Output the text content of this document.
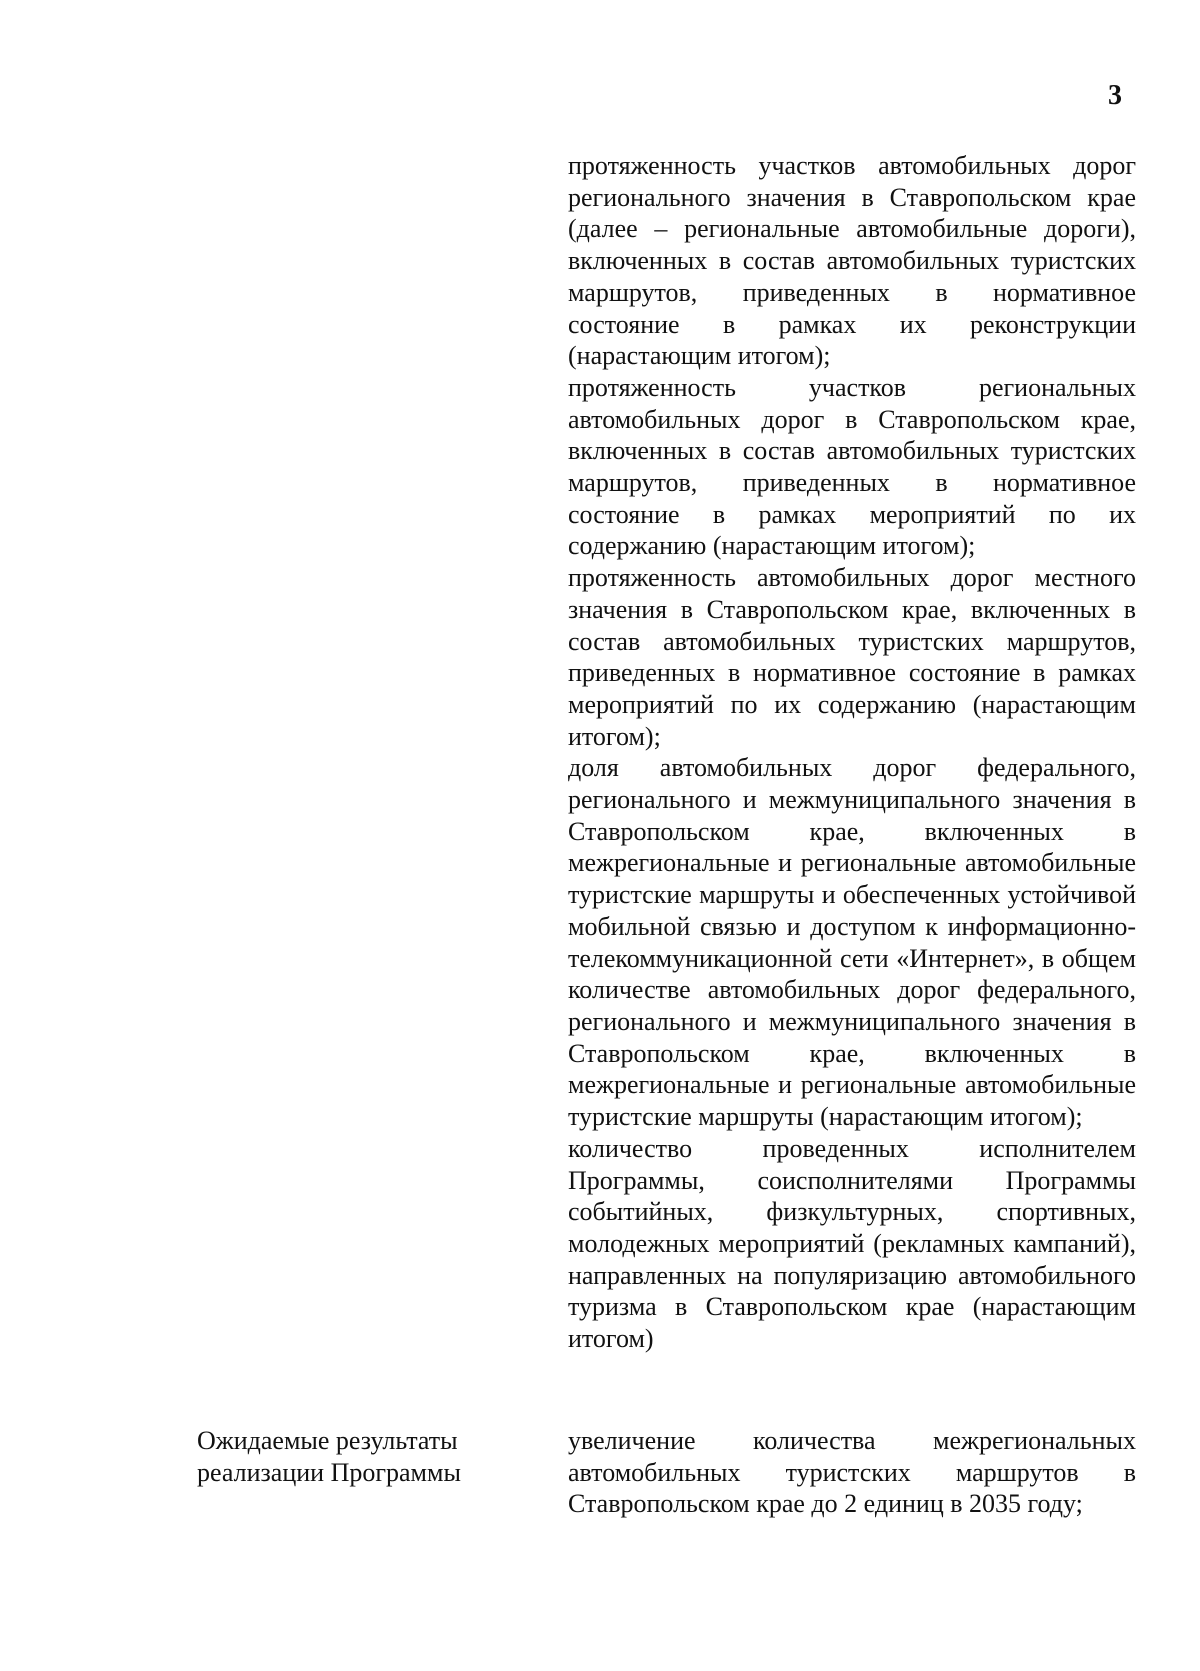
3

протяженность участков автомобильных дорог регионального значения в Ставропольском крае (далее – региональные автомобильные дороги), включенных в состав автомобильных туристских маршрутов, приведенных в нормативное состояние в рамках их реконструкции (нарастающим итогом);

протяженность участков региональных автомобильных дорог в Ставропольском крае, включенных в состав автомобильных туристских маршрутов, приведенных в нормативное состояние в рамках мероприятий по их содержанию (нарастающим итогом);

протяженность автомобильных дорог местного значения в Ставропольском крае, включенных в состав автомобильных туристских маршрутов, приведенных в нормативное состояние в рамках мероприятий по их содержанию (нарастающим итогом);

доля автомобильных дорог федерального, регионального и межмуниципального значения в Ставропольском крае, включенных в межрегиональные и региональные автомобильные туристские маршруты и обеспеченных устойчивой мобильной связью и доступом к информационно-телекоммуникационной сети «Интернет», в общем количестве автомобильных дорог федерального, регионального и межмуниципального значения в Ставропольском крае, включенных в межрегиональные и региональные автомобильные туристские маршруты (нарастающим итогом);

количество проведенных исполнителем Программы, соисполнителями Программы событийных, физкультурных, спортивных, молодежных мероприятий (рекламных кампаний), направленных на популяризацию автомобильного туризма в Ставропольском крае (нарастающим итогом)

Ожидаемые результаты
реализации Программы

увеличение количества межрегиональных автомобильных туристских маршрутов в Ставропольском крае до 2 единиц в 2035 году;
